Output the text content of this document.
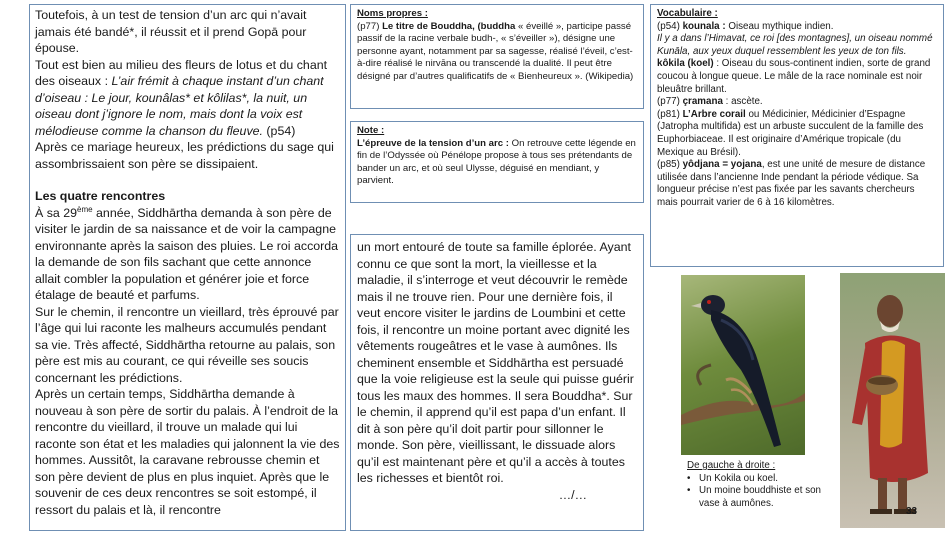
Toutefois, à un test de tension d’un arc qui n’avait jamais été bandé*, il réussit et il prend Gopā pour épouse.

Tout est bien au milieu des fleurs de lotus et du chant des oiseaux : L’air frémit à chaque instant d’un chant d’oiseau : Le jour, kounâlas* et kôlilas*, la nuit, un oiseau dont j’ignore le nom, mais dont la voix est mélodieuse comme la chanson du fleuve. (p54)

Après ce mariage heureux, les prédictions du sage qui assombrissaient son père se dissipaient.

Les quatre rencontres

À sa 29ème année, Siddhārtha demanda à son père de visiter le jardin de sa naissance et de voir la campagne environnante après la saison des pluies. Le roi accorda la demande de son fils sachant que cette annonce allait combler la population et générer joie et force étalage de beauté et parfums.

Sur le chemin, il rencontre un vieillard, très éprouvé par l’âge qui lui raconte les malheurs accumulés pendant sa vie. Très affecté, Siddhārtha retourne au palais, son père est mis au courant, ce qui réveille ses soucis concernant les prédictions.

Après un certain temps, Siddhārtha demande à nouveau à son père de sortir du palais. À l’endroit de la rencontre du vieillard, il trouve un malade qui lui raconte son état et les maladies qui jalonnent la vie des hommes. Aussitôt, la caravane rebrousse chemin et son père devient de plus en plus inquiet. Après que le souvenir de ces deux rencontres se soit estompé, il ressort du palais et là, il rencontre

Noms propres :

(p77) Le titre de Bouddha, (buddha « éveillé », participe passé passif de la racine verbale budh-, « s’éveiller »), désigne une personne ayant, notamment par sa sagesse, réalisé l’éveil, c’est-à-dire réalisé le nirvāna ou transcendé la dualité. Il peut être désigné par d’autres qualificatifs de « Bienheureux ». (Wikipedia)

Note :

L’épreuve de la tension d’un arc : On retrouve cette légende en fin de l’Odyssée où Pénélope propose à tous ses prétendants de bander un arc, et où seul Ulysse, déguisé en mendiant, y parvient.

un mort entouré de toute sa famille éplorée. Ayant connu ce que sont la mort, la vieillesse et la maladie, il s’interroge et veut découvrir le remède mais il ne trouve rien. Pour une dernière fois, il veut encore visiter le jardins de Loumbini et cette fois, il rencontre un moine portant avec dignité les vêtements rougeâtres et le vase à aumônes. Ils cheminent ensemble et Siddhārtha est persuadé que la voie religieuse est la seule qui puisse guérir tous les maux des hommes. Il sera Bouddha*. Sur le chemin, il apprend qu’il est papa d’un enfant. Il dit à son père qu’il doit partir pour sillonner le monde. Son père, vieillissant, le dissuade alors qu’il est maintenant père et qu’il a accès à toutes les richesses et bientôt roi.

…/…

Vocabulaire :

(p54) kounala : Oiseau mythique indien.

Il y a dans l’Himavat, ce roi [des montagnes], un oiseau nommé Kunāla, aux yeux duquel ressemblent les yeux de ton fils.

kôkila (koel) : Oiseau du sous-continent indien, sorte de grand coucou à longue queue. Le mâle de la race nominale est noir bleuâtre brillant.

(p77) çramana : ascète.

(p81) L’Arbre corail ou Médicinier, Médicinier d’Espagne (Jatropha multifida) est un arbuste succulent de la famille des Euphorbiaceae. Il est originaire d’Amérique tropicale (du Mexique au Brésil).

(p85) yôdjana = yojana, est une unité de mesure de distance utilisée dans l’ancienne Inde pendant la période védique. Sa longueur précise n’est pas fixée par les savants chercheurs mais pourrait varier de 6 à 16 kilomètres.

De gauche à droite :

• Un Kokila ou koel.
• Un moine bouddhiste et son vase à aumônes.
33
